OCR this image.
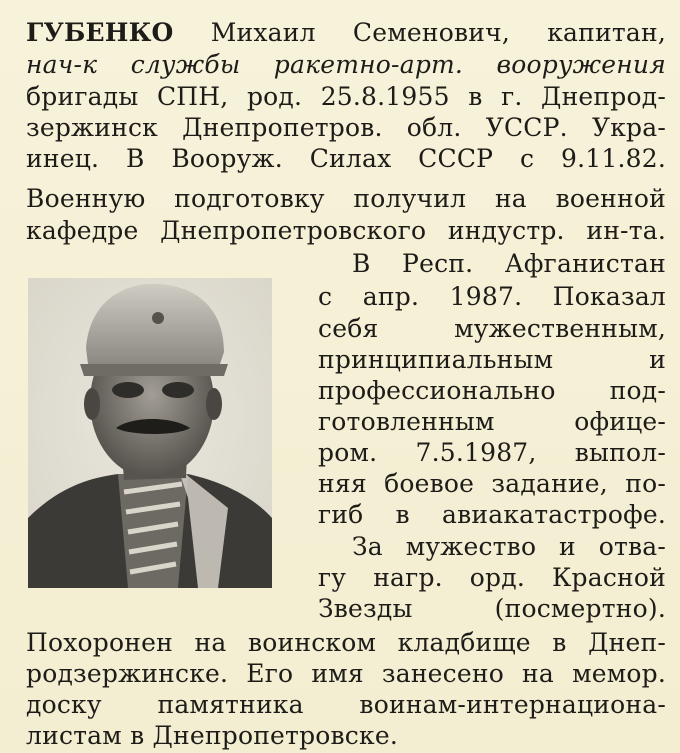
ГУБЕНКО Михаил Семенович, капитан,
нач-к службы ракетно-арт. вооружения
бригады СПН, род. 25.8.1955 в г. Днепрод-
зержинск Днепропетров. обл. УССР. Укра-
инец. В Вооруж. Силах СССР с 9.11.82.
Военную подготовку получил на военной
кафедре Днепропетровского индустр. ин-та.
В Респ. Афганистан
с апр. 1987. Показал
себя мужественным,
принципиальным и
профессионально под-
готовленным офице-
ром. 7.5.1987, выпол-
няя боевое задание, по-
гиб в авиакатастрофе.
За мужество и отва-
гу нагр. орд. Красной
Звезды (посмертно).
Похоронен на воинском кладбище в Днеп-
родзержинске. Его имя занесено на мемор.
доску памятника воинам-интернациона-
листам в Днепропетровске.
